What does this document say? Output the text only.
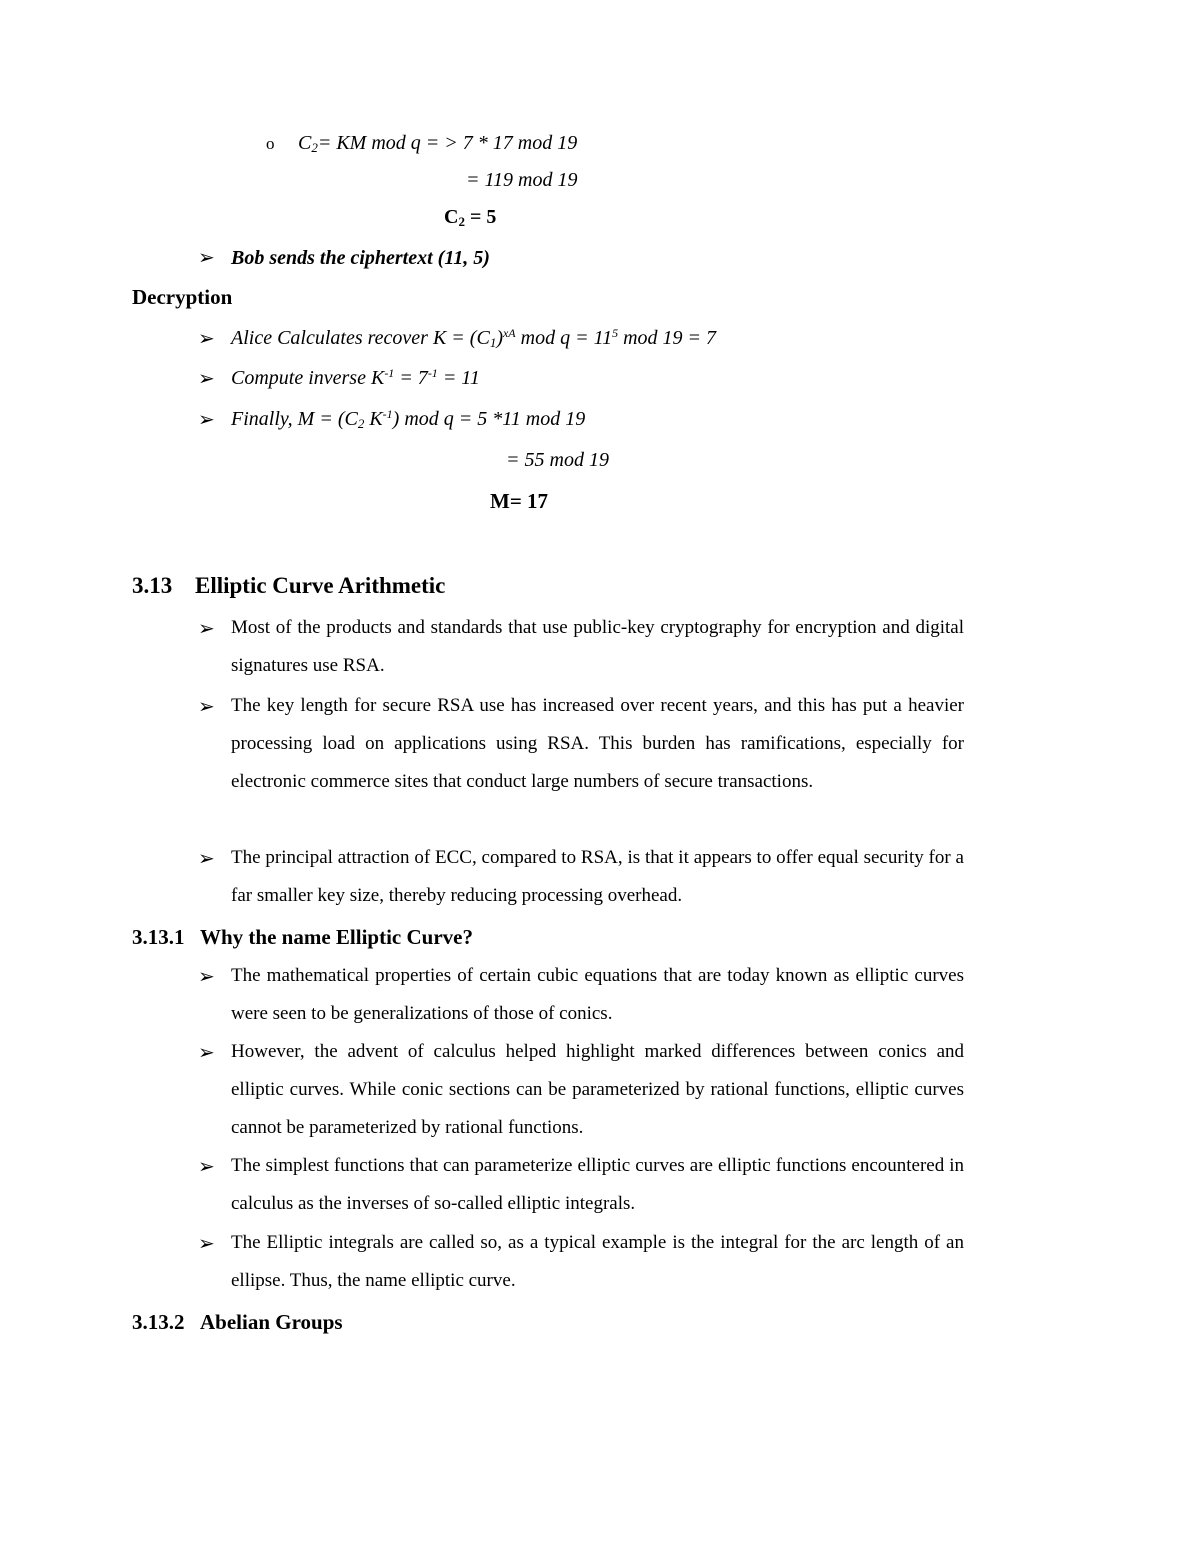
o $C_2=$ KM mod q = > 7 * 17 mod 19
= 119 mod 19
$C_2 = 5$
➢ Bob sends the ciphertext (11, 5)
Decryption
➢ Alice Calculates recover $K = (C_1)^{xA}$ mod $q = 11^5$ mod 19 = 7
➢ Compute inverse $K^{-1} = 7^{-1} = 11$
➢ Finally, $M = (C_2$ $K^{-1}$) mod q = 5 *11 mod 19
= 55 mod 19
M= 17
3.13 Elliptic Curve Arithmetic
➢ Most of the products and standards that use public-key cryptography for encryption and digital signatures use RSA.
➢ The key length for secure RSA use has increased over recent years, and this has put a heavier processing load on applications using RSA. This burden has ramifications, especially for electronic commerce sites that conduct large numbers of secure transactions.
➢ The principal attraction of ECC, compared to RSA, is that it appears to offer equal security for a far smaller key size, thereby reducing processing overhead.
3.13.1 Why the name Elliptic Curve?
➢ The mathematical properties of certain cubic equations that are today known as elliptic curves were seen to be generalizations of those of conics.
➢ However, the advent of calculus helped highlight marked differences between conics and elliptic curves. While conic sections can be parameterized by rational functions, elliptic curves cannot be parameterized by rational functions.
➢ The simplest functions that can parameterize elliptic curves are elliptic functions encountered in calculus as the inverses of so-called elliptic integrals.
➢ The Elliptic integrals are called so, as a typical example is the integral for the arc length of an ellipse. Thus, the name elliptic curve.
3.13.2 Abelian Groups
